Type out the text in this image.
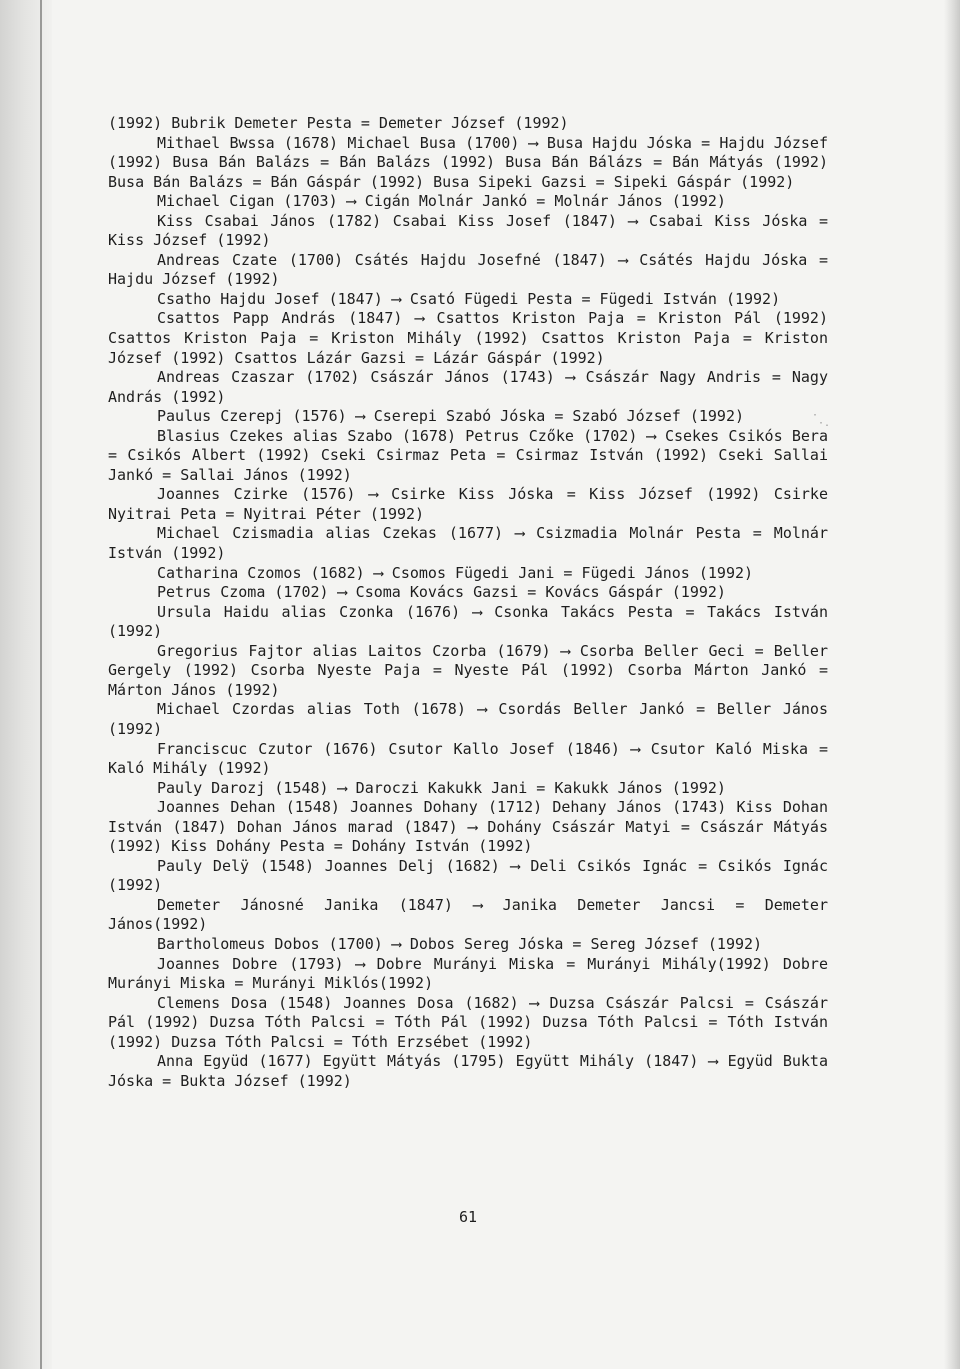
(1992) Bubrik Demeter Pesta = Demeter József (1992)

Mithael Bwssa (1678) Michael Busa (1700) ⟶ Busa Hajdu Jóska = Hajdu József (1992) Busa Bán Balázs = Bán Balázs (1992) Busa Bán Bálázs = Bán Mátyás (1992) Busa Bán Balázs = Bán Gáspár (1992) Busa Sipeki Gazsi = Sipeki Gáspár (1992)

Michael Cigan (1703) ⟶ Cigán Molnár Jankó = Molnár János (1992)

Kiss Csabai János (1782) Csabai Kiss Josef (1847) ⟶ Csabai Kiss Jóska = Kiss József (1992)

Andreas Czate (1700) Csátés Hajdu Josefné (1847) ⟶ Csátés Hajdu Jóska = Hajdu József (1992)

Csatho Hajdu Josef (1847) ⟶ Csató Fügedi Pesta = Fügedi István (1992)

Csattos Papp András (1847) ⟶ Csattos Kriston Paja = Kriston Pál (1992) Csattos Kriston Paja = Kriston Mihály (1992) Csattos Kriston Paja = Kriston József (1992) Csattos Lázár Gazsi = Lázár Gáspár (1992)

Andreas Czaszar (1702) Császár János (1743) ⟶ Császár Nagy Andris = Nagy András (1992)

Paulus Czerepj (1576) ⟶ Cserepi Szabó Jóska = Szabó József (1992)

Blasius Czekes alias Szabo (1678) Petrus Czőke (1702) ⟶ Csekes Csikós Bera = Csikós Albert (1992) Cseki Csirmaz Peta = Csirmaz István (1992) Cseki Sallai Jankó = Sallai János (1992)

Joannes Czirke (1576) ⟶ Csirke Kiss Jóska = Kiss József (1992) Csirke Nyitrai Peta = Nyitrai Péter (1992)

Michael Czismadia alias Czekas (1677) ⟶ Csizmadia Molnár Pesta = Molnár István (1992)

Catharina Czomos (1682) ⟶ Csomos Fügedi Jani = Fügedi János (1992)

Petrus Czoma (1702) ⟶ Csoma Kovács Gazsi = Kovács Gáspár (1992)

Ursula Haidu alias Czonka (1676) ⟶ Csonka Takács Pesta = Takács István (1992)

Gregorius Fajtor alias Laitos Czorba (1679) ⟶ Csorba Beller Geci = Beller Gergely (1992) Csorba Nyeste Paja = Nyeste Pál (1992) Csorba Márton Jankó = Márton János (1992)

Michael Czordas alias Toth (1678) ⟶ Csordás Beller Jankó = Beller János (1992)

Franciscuc Czutor (1676) Csutor Kallo Josef (1846) ⟶ Csutor Kaló Miska = Kaló Mihály (1992)

Pauly Darozj (1548) ⟶ Daroczi Kakukk Jani = Kakukk János (1992)

Joannes Dehan (1548) Joannes Dohany (1712) Dehany János (1743) Kiss Dohan István (1847) Dohan János marad (1847) ⟶ Dohány Császár Matyi = Császár Mátyás (1992) Kiss Dohány Pesta = Dohány István (1992)

Pauly Delÿ (1548) Joannes Delj (1682) ⟶ Deli Csikós Ignác = Csikós Ignác (1992)

Demeter Jánosné Janika (1847) ⟶ Janika Demeter Jancsi = Demeter János(1992)

Bartholomeus Dobos (1700) ⟶ Dobos Sereg Jóska = Sereg József (1992)

Joannes Dobre (1793) ⟶ Dobre Murányi Miska = Murányi Mihály(1992) Dobre Murányi Miska = Murányi Miklós(1992)

Clemens Dosa (1548) Joannes Dosa (1682) ⟶ Duzsa Császár Palcsi = Császár Pál (1992) Duzsa Tóth Palcsi = Tóth Pál (1992) Duzsa Tóth Palcsi = Tóth István (1992) Duzsa Tóth Palcsi = Tóth Erzsébet (1992)

Anna Együd (1677) Együtt Mátyás (1795) Együtt Mihály (1847) ⟶ Együd Bukta Jóska = Bukta József (1992)

·
·.
61
